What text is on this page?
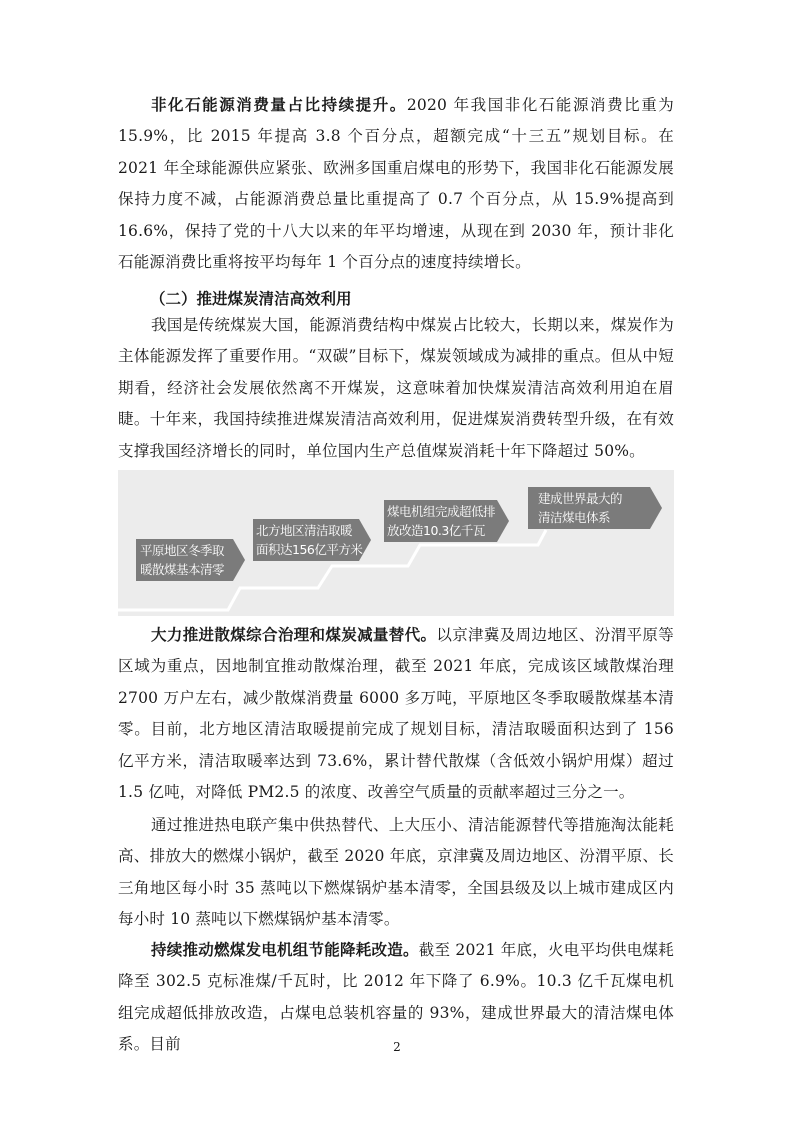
非化石能源消费量占比持续提升。2020 年我国非化石能源消费比重为 15.9%，比 2015 年提高 3.8 个百分点，超额完成“十三五”规划目标。在 2021 年全球能源供应紧张、欧洲多国重启煤电的形势下，我国非化石能源发展保持力度不减，占能源消费总量比重提高了 0.7 个百分点，从 15.9%提高到 16.6%，保持了党的十八大以来的年平均增速，从现在到 2030 年，预计非化石能源消费比重将按平均每年 1 个百分点的速度持续增长。

（二）推进煤炭清洁高效利用

我国是传统煤炭大国，能源消费结构中煤炭占比较大，长期以来，煤炭作为主体能源发挥了重要作用。“双碳”目标下，煤炭领域成为减排的重点。但从中短期看，经济社会发展依然离不开煤炭，这意味着加快煤炭清洁高效利用迫在眉睫。十年来，我国持续推进煤炭清洁高效利用，促进煤炭消费转型升级，在有效支撑我国经济增长的同时，单位国内生产总值煤炭消耗十年下降超过 50%。

平原地区冬季取
暖散煤基本清零
北方地区清洁取暖
面积达156亿平方米
煤电机组完成超低排
放改造10.3亿千瓦
建成世界最大的
清洁煤电体系

大力推进散煤综合治理和煤炭减量替代。以京津冀及周边地区、汾渭平原等区域为重点，因地制宜推动散煤治理，截至 2021 年底，完成该区域散煤治理 2700 万户左右，减少散煤消费量 6000 多万吨，平原地区冬季取暖散煤基本清零。目前，北方地区清洁取暖提前完成了规划目标，清洁取暖面积达到了 156 亿平方米，清洁取暖率达到 73.6%，累计替代散煤（含低效小锅炉用煤）超过 1.5 亿吨，对降低 PM2.5 的浓度、改善空气质量的贡献率超过三分之一。

通过推进热电联产集中供热替代、上大压小、清洁能源替代等措施淘汰能耗高、排放大的燃煤小锅炉，截至 2020 年底，京津冀及周边地区、汾渭平原、长三角地区每小时 35 蒸吨以下燃煤锅炉基本清零，全国县级及以上城市建成区内每小时 10 蒸吨以下燃煤锅炉基本清零。

持续推动燃煤发电机组节能降耗改造。截至 2021 年底，火电平均供电煤耗降至 302.5 克标准煤/千瓦时，比 2012 年下降了 6.9%。10.3 亿千瓦煤电机组完成超低排放改造，占煤电总装机容量的 93%，建成世界最大的清洁煤电体系。目前	2
